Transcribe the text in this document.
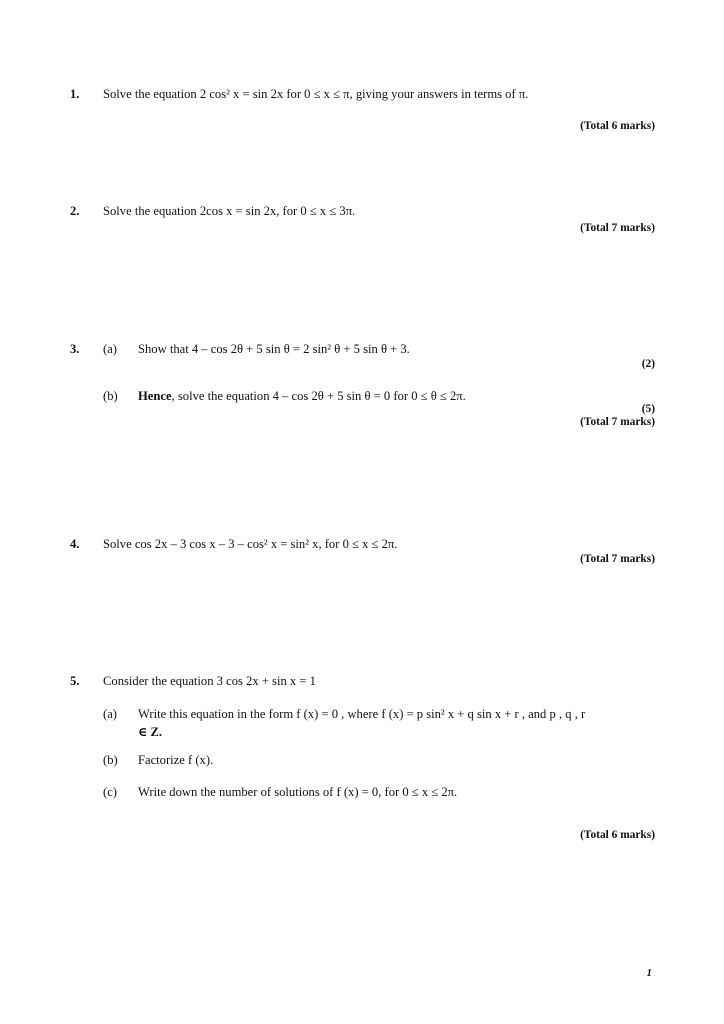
1. Solve the equation 2 cos² x = sin 2x for 0 ≤ x ≤ π, giving your answers in terms of π.
(Total 6 marks)
2. Solve the equation 2cos x = sin 2x, for 0 ≤ x ≤ 3π.
(Total 7 marks)
3. (a) Show that 4 – cos 2θ + 5 sin θ = 2 sin² θ + 5 sin θ + 3.
(2)
(b) Hence, solve the equation 4 – cos 2θ + 5 sin θ = 0 for 0 ≤ θ ≤ 2π.
(5)
(Total 7 marks)
4. Solve cos 2x – 3 cos x – 3 – cos² x = sin² x, for 0 ≤ x ≤ 2π.
(Total 7 marks)
5. Consider the equation 3 cos 2x + sin x = 1
(a) Write this equation in the form f (x) = 0 , where f (x) = p sin² x + q sin x + r , and p , q , r
∈ Z.
(b) Factorize f (x).
(c) Write down the number of solutions of f (x) = 0, for 0 ≤ x ≤ 2π.
(Total 6 marks)
1
